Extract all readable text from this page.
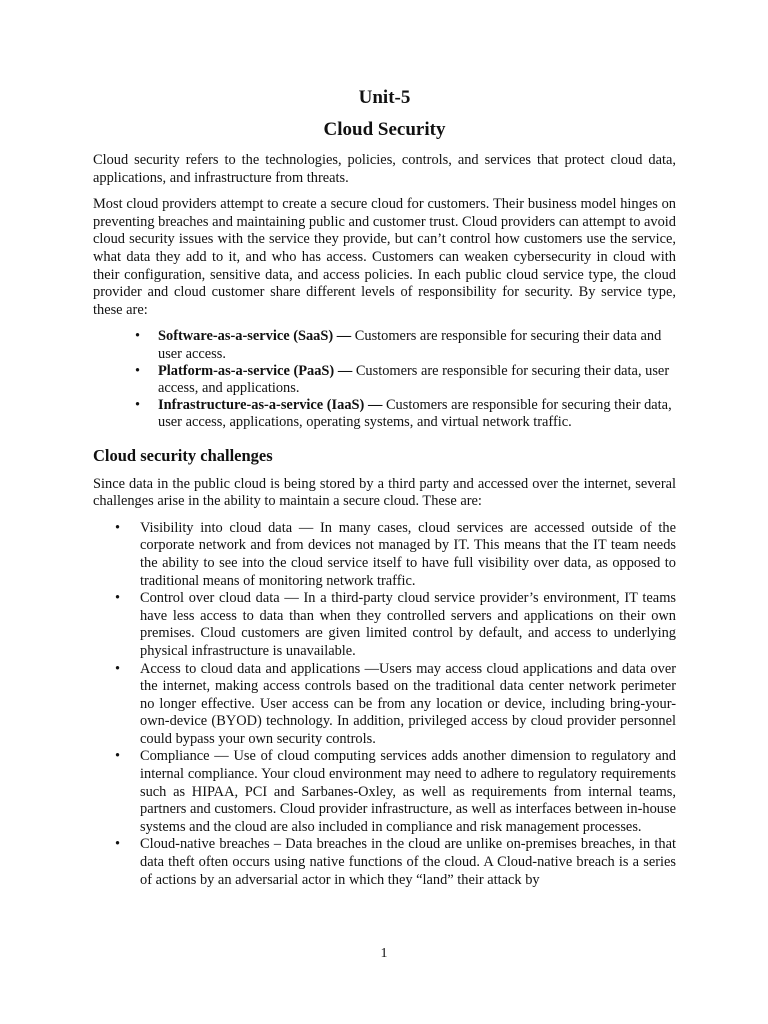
Unit-5
Cloud Security

Cloud security refers to the technologies, policies, controls, and services that protect cloud data, applications, and infrastructure from threats.

Most cloud providers attempt to create a secure cloud for customers. Their business model hinges on preventing breaches and maintaining public and customer trust. Cloud providers can attempt to avoid cloud security issues with the service they provide, but can’t control how customers use the service, what data they add to it, and who has access. Customers can weaken cybersecurity in cloud with their configuration, sensitive data, and access policies. In each public cloud service type, the cloud provider and cloud customer share different levels of responsibility for security. By service type, these are:

• Software-as-a-service (SaaS) — Customers are responsible for securing their data and user access.
• Platform-as-a-service (PaaS) — Customers are responsible for securing their data, user access, and applications.
• Infrastructure-as-a-service (IaaS) — Customers are responsible for securing their data, user access, applications, operating systems, and virtual network traffic.
Cloud security challenges

Since data in the public cloud is being stored by a third party and accessed over the internet, several challenges arise in the ability to maintain a secure cloud. These are:

• Visibility into cloud data — In many cases, cloud services are accessed outside of the corporate network and from devices not managed by IT. This means that the IT team needs the ability to see into the cloud service itself to have full visibility over data, as opposed to traditional means of monitoring network traffic.
• Control over cloud data — In a third-party cloud service provider’s environment, IT teams have less access to data than when they controlled servers and applications on their own premises. Cloud customers are given limited control by default, and access to underlying physical infrastructure is unavailable.
• Access to cloud data and applications —Users may access cloud applications and data over the internet, making access controls based on the traditional data center network perimeter no longer effective. User access can be from any location or device, including bring-your-own-device (BYOD) technology. In addition, privileged access by cloud provider personnel could bypass your own security controls.
• Compliance — Use of cloud computing services adds another dimension to regulatory and internal compliance. Your cloud environment may need to adhere to regulatory requirements such as HIPAA, PCI and Sarbanes-Oxley, as well as requirements from internal teams, partners and customers. Cloud provider infrastructure, as well as interfaces between in-house systems and the cloud are also included in compliance and risk management processes.
• Cloud-native breaches – Data breaches in the cloud are unlike on-premises breaches, in that data theft often occurs using native functions of the cloud. A Cloud-native breach is a series of actions by an adversarial actor in which they “land” their attack by
1
